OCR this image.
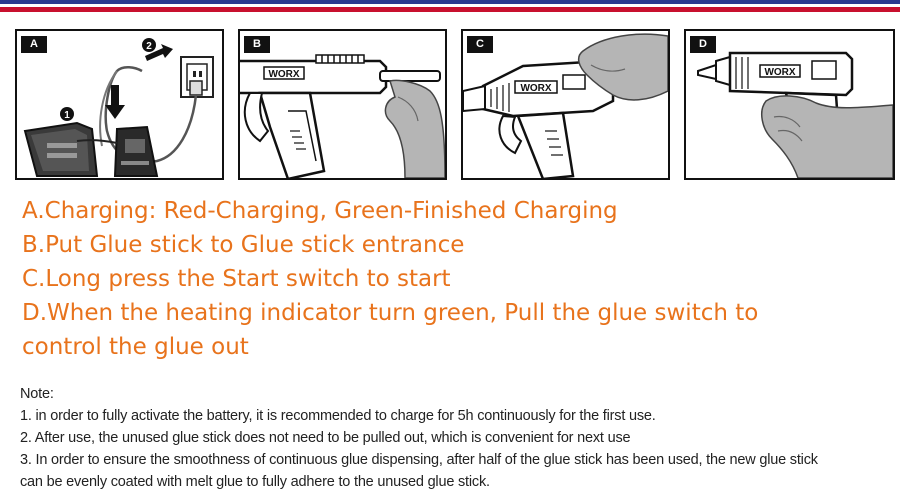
A	2
1
B
WORX
C
WORX
D
WORX

A.Charging: Red-Charging, Green-Finished Charging

B.Put Glue stick to Glue stick entrance

C.Long press the Start switch to start

D.When the heating indicator turn green, Pull the glue switch to control the glue out

Note:

1. in order to fully activate the battery, it is recommended to charge for 5h continuously for the first use.

2. After use, the unused glue stick does not need to be pulled out, which is convenient for next use

3. In order to ensure the smoothness of continuous glue dispensing, after half of the glue stick has been used, the new glue stick can be evenly coated with melt glue to fully adhere to the unused glue stick.
